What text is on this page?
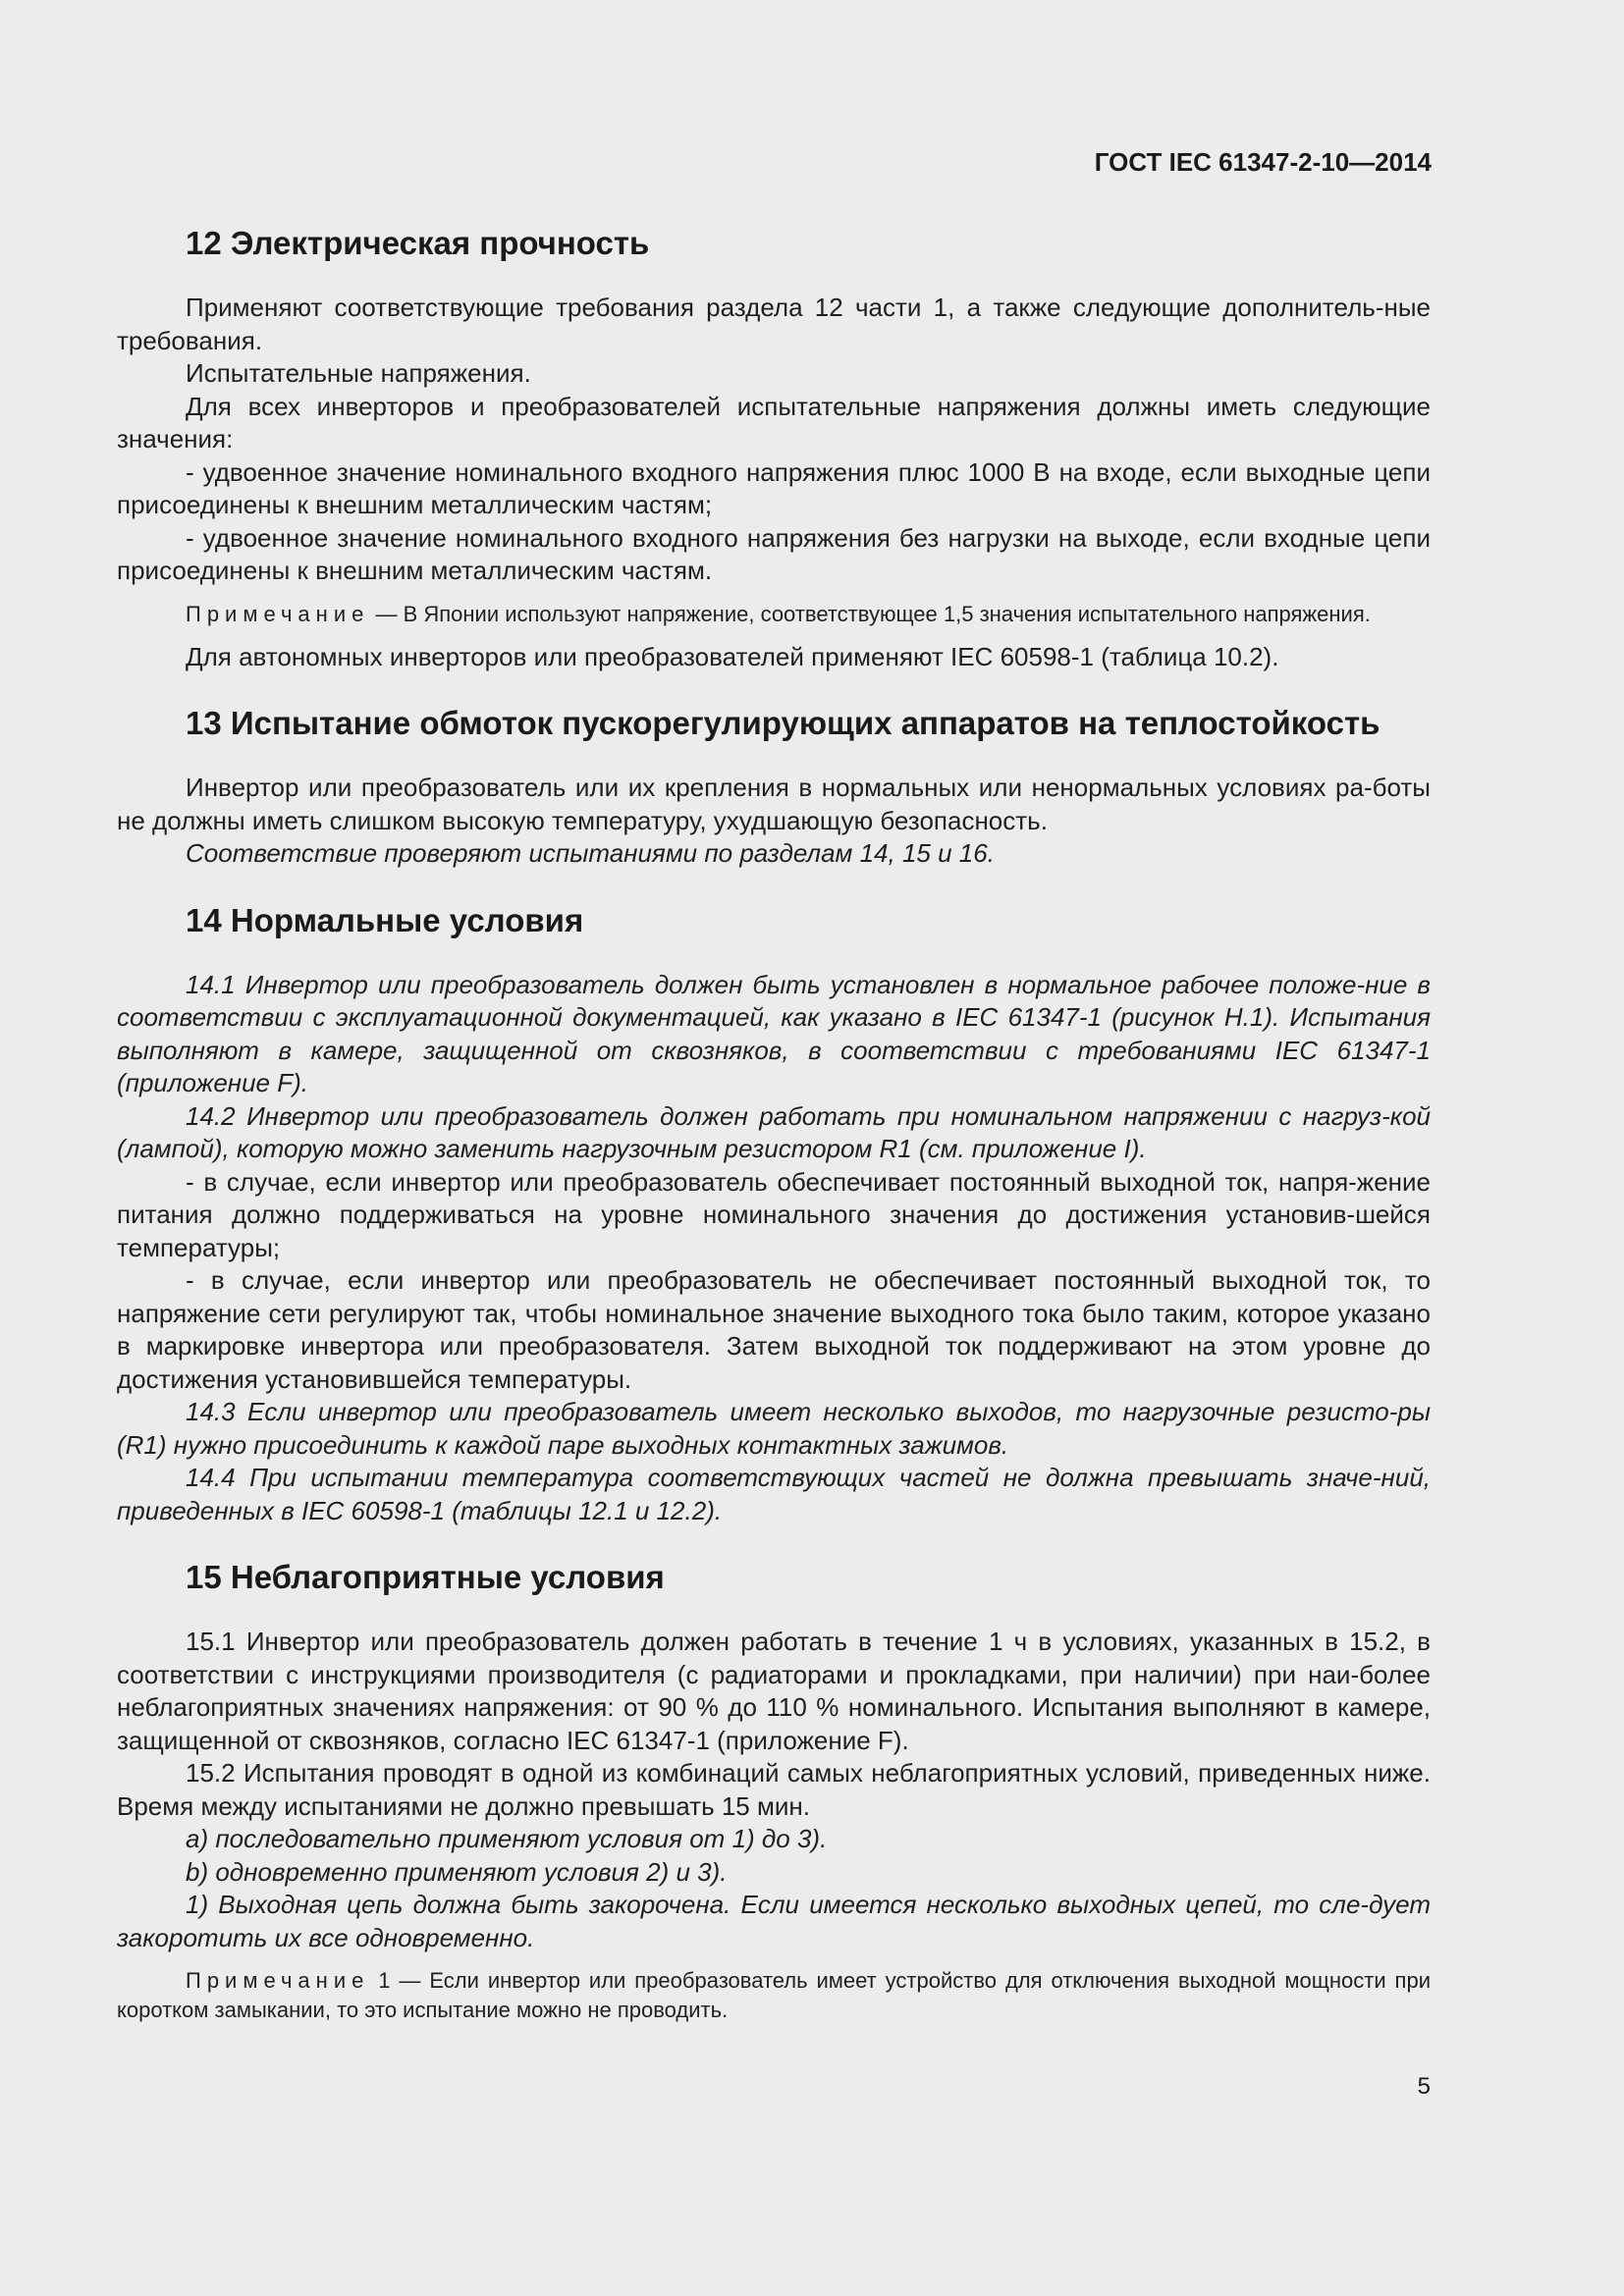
ГОСТ IEC 61347-2-10—2014
12 Электрическая прочность

Применяют соответствующие требования раздела 12 части 1, а также следующие дополнитель-ные требования.

Испытательные напряжения.

Для всех инверторов и преобразователей испытательные напряжения должны иметь следующие значения:

- удвоенное значение номинального входного напряжения плюс 1000 В на входе, если выходные цепи присоединены к внешним металлическим частям;

- удвоенное значение номинального входного напряжения без нагрузки на выходе, если входные цепи присоединены к внешним металлическим частям.

Примечание — В Японии используют напряжение, соответствующее 1,5 значения испытательного напряжения.

Для автономных инверторов или преобразователей применяют IEC 60598-1 (таблица 10.2).

13 Испытание обмоток пускорегулирующих аппаратов на теплостойкость

Инвертор или преобразователь или их крепления в нормальных или ненормальных условиях ра-боты не должны иметь слишком высокую температуру, ухудшающую безопасность.

Соответствие проверяют испытаниями по разделам 14, 15 и 16.

14 Нормальные условия

14.1 Инвертор или преобразователь должен быть установлен в нормальное рабочее положе-ние в соответствии с эксплуатационной документацией, как указано в IEC 61347-1 (рисунок Н.1). Испытания выполняют в камере, защищенной от сквозняков, в соответствии с требованиями IEC 61347-1 (приложение F).

14.2 Инвертор или преобразователь должен работать при номинальном напряжении с нагруз-кой (лампой), которую можно заменить нагрузочным резистором R1 (см. приложение I).

- в случае, если инвертор или преобразователь обеспечивает постоянный выходной ток, напря-жение питания должно поддерживаться на уровне номинального значения до достижения установив-шейся температуры;

- в случае, если инвертор или преобразователь не обеспечивает постоянный выходной ток, то напряжение сети регулируют так, чтобы номинальное значение выходного тока было таким, которое указано в маркировке инвертора или преобразователя. Затем выходной ток поддерживают на этом уровне до достижения установившейся температуры.

14.3 Если инвертор или преобразователь имеет несколько выходов, то нагрузочные резисто-ры (R1) нужно присоединить к каждой паре выходных контактных зажимов.

14.4 При испытании температура соответствующих частей не должна превышать значе-ний, приведенных в IEC 60598-1 (таблицы 12.1 и 12.2).

15 Неблагоприятные условия

15.1 Инвертор или преобразователь должен работать в течение 1 ч в условиях, указанных в 15.2, в соответствии с инструкциями производителя (с радиаторами и прокладками, при наличии) при наи-более неблагоприятных значениях напряжения: от 90 % до 110 % номинального. Испытания выполняют в камере, защищенной от сквозняков, согласно IEC 61347-1 (приложение F).

15.2 Испытания проводят в одной из комбинаций самых неблагоприятных условий, приведенных ниже. Время между испытаниями не должно превышать 15 мин.

a) последовательно применяют условия от 1) до 3).

b) одновременно применяют условия 2) и 3).

1) Выходная цепь должна быть закорочена. Если имеется несколько выходных цепей, то сле-дует закоротить их все одновременно.

Примечание 1 — Если инвертор или преобразователь имеет устройство для отключения выходной мощности при коротком замыкании, то это испытание можно не проводить.

5
